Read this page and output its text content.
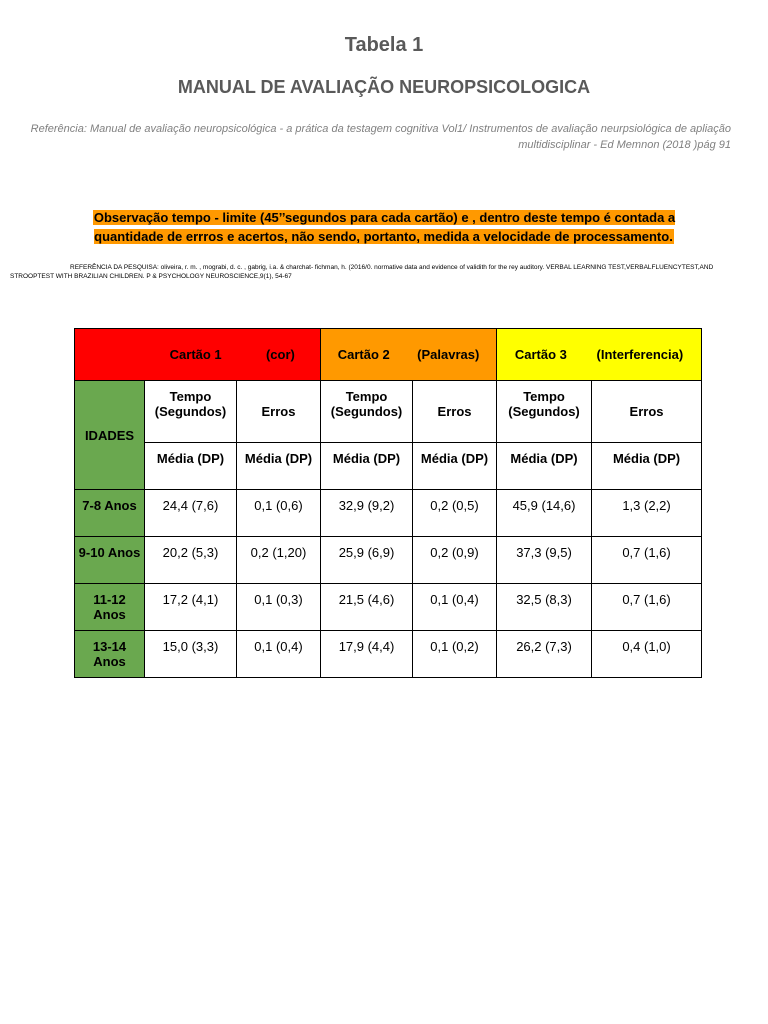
Tabela 1
MANUAL DE AVALIAÇÃO NEUROPSICOLOGICA
Referência: Manual de avaliação neuropsicológica - a prática da testagem cognitiva Vol1/ Instrumentos de avaliação neurpsiológica de apliação multidisciplinar - Ed Memnon (2018 )pág 91
Observação tempo - limite (45’’segundos para cada cartão) e , dentro deste tempo é contada a quantidade de errros e acertos, não sendo, portanto, medida a velocidade de processamento.
REFERÊNCIA DA PESQUISA: oliveira, r. m. , mograbi, d. c. , gabrig, i.a. & charchat- fichman, h. (2016/0. normative data and evidence of validith for the rey auditory. VERBAL LEARNING TEST,VERBALFLUENCYTEST,AND STROOPTEST WITH BRAZILIAN CHILDREN. P & PSYCHOLOGY NEUROSCIENCE,9(1), 54-67

	Cartão 1 (cor)		Cartão 2 (Palavras)		Cartão 3 (Interferencia)	

IDADES	Tempo (Segundos)	Erros	Tempo (Segundos)	Erros	Tempo (Segundos)	Erros
	Média (DP)	Média (DP)	Média (DP)	Média (DP)	Média (DP)	Média (DP)
7-8 Anos	24,4 (7,6)	0,1 (0,6)	32,9 (9,2)	0,2 (0,5)	45,9 (14,6)	1,3 (2,2)
9-10 Anos	20,2 (5,3)	0,2 (1,20)	25,9 (6,9)	0,2 (0,9)	37,3 (9,5)	0,7 (1,6)
11-12 Anos	17,2 (4,1)	0,1 (0,3)	21,5 (4,6)	0,1 (0,4)	32,5 (8,3)	0,7 (1,6)
13-14 Anos	15,0 (3,3)	0,1 (0,4)	17,9 (4,4)	0,1 (0,2)	26,2 (7,3)	0,4 (1,0)
